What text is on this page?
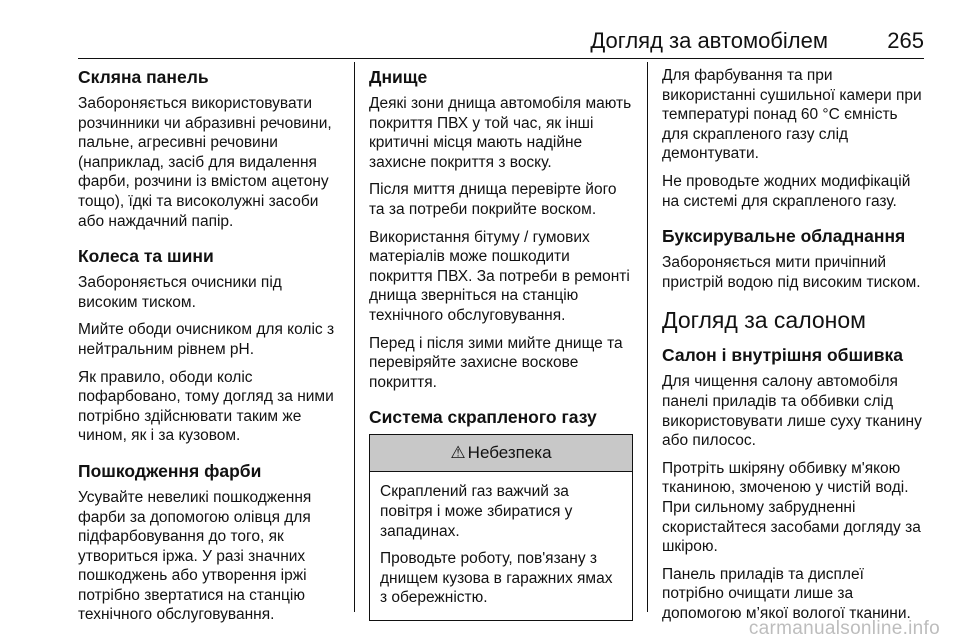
Догляд за автомобілем	265
Скляна панель

Забороняється використовувати розчинники чи абразивні речовини, пальне, агресивні речовини (наприклад, засіб для видалення фарби, розчини із вмістом ацетону тощо), їдкі та високолужні засоби або наждачний папір.

Колеса та шини

Забороняється очисники під високим тиском.

Мийте ободи очисником для коліс з нейтральним рівнем pH.

Як правило, ободи коліс пофарбовано, тому догляд за ними потрібно здійснювати таким же чином, як і за кузовом.

Пошкодження фарби

Усувайте невеликі пошкодження фарби за допомогою олівця для підфарбовування до того, як утвориться іржа. У разі значних пошкоджень або утворення іржі потрібно звертатися на станцію технічного обслуговування.

Днище

Деякі зони днища автомобіля мають покриття ПВХ у той час, як інші критичні місця мають надійне захисне покриття з воску.

Після миття днища перевірте його та за потреби покрийте воском.

Використання бітуму / гумових матеріалів може пошкодити покриття ПВХ. За потреби в ремонті днища зверніться на станцію технічного обслуговування.

Перед і після зими мийте днище та перевіряйте захисне воскове покриття.

Система скрапленого газу
⚠ Небезпека

Скраплений газ важчий за повітря і може збиратися у западинах.

Проводьте роботу, пов'язану з днищем кузова в гаражних ямах з обережністю.

Для фарбування та при використанні сушильної камери при температурі понад 60 °C ємність для скрапленого газу слід демонтувати.

Не проводьте жодних модифікацій на системі для скрапленого газу.

Буксирувальне обладнання

Забороняється мити причіпний пристрій водою під високим тиском.

Догляд за салоном
Салон і внутрішня обшивка

Для чищення салону автомобіля панелі приладів та оббивки слід використовувати лише суху тканину або пилосос.

Протріть шкіряну оббивку м'якою тканиною, змоченою у чистій воді. При сильному забрудненні скористайтеся засобами догляду за шкірою.

Панель приладів та дисплеї потрібно очищати лише за допомогою м’якої вологої тканини.

carmanualsonline.info
